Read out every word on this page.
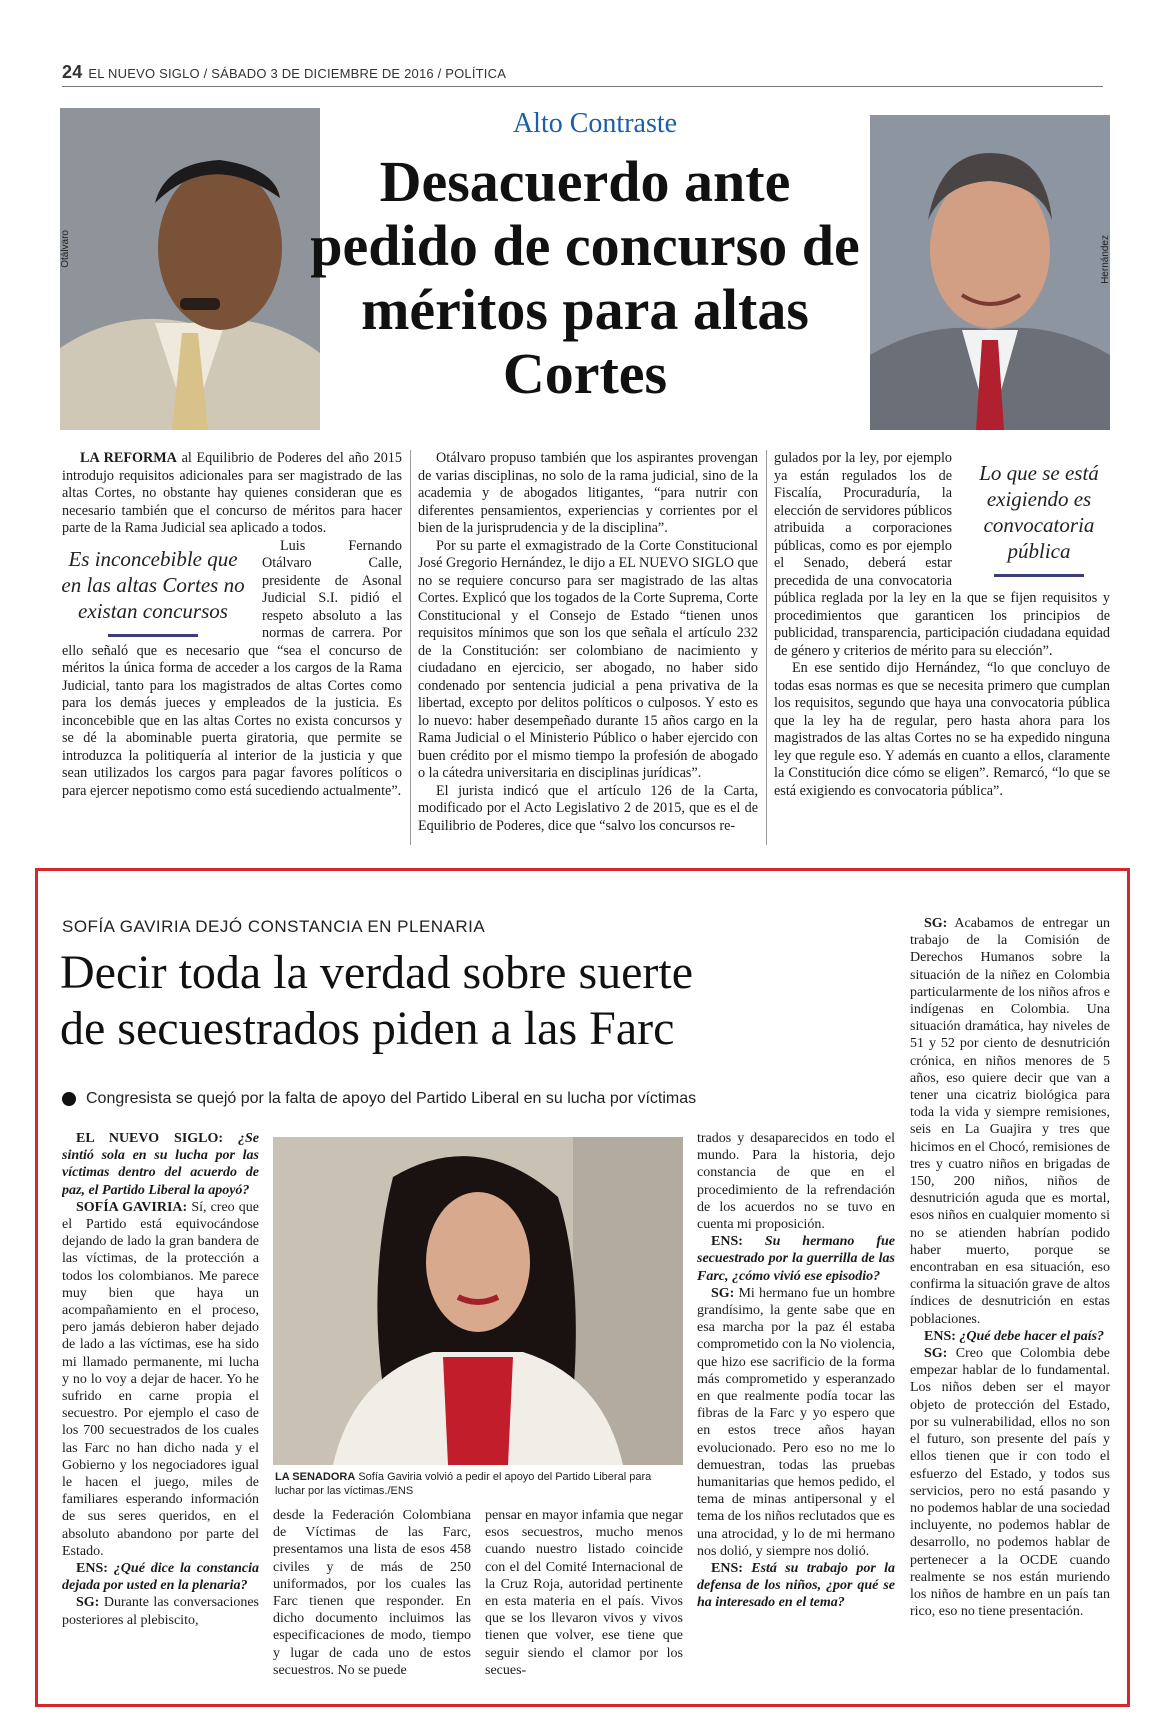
24 EL NUEVO SIGLO / SÁBADO 3 DE DICIEMBRE DE 2016 / POLÍTICA
Otálvaro	Hernández
Alto Contraste
Desacuerdo ante pedido de concurso de méritos para altas Cortes

LA REFORMA al Equilibrio de Poderes del año 2015 introdujo requisitos adicionales para ser magistrado de las altas Cortes, no obstante hay quienes consideran que es necesario también que el concurso de méritos para hacer parte de la Rama Judicial sea aplicado a todos.

Es inconcebible que en las altas Cortes no existan concursos

Luis Fernando Otálvaro Calle, presidente de Asonal Judicial S.I. pidió el respeto absoluto a las normas de carrera. Por ello señaló que es necesario que “sea el concurso de méritos la única forma de acceder a los cargos de la Rama Judicial, tanto para los magistrados de altas Cortes como para los demás jueces y empleados de la justicia. Es inconcebible que en las altas Cortes no exista concursos y se dé la abominable puerta giratoria, que permite se introduzca la politiquería al interior de la justicia y que sean utilizados los cargos para pagar favores políticos o para ejercer nepotismo como está sucediendo actualmente”.

Otálvaro propuso también que los aspirantes provengan de varias disciplinas, no solo de la rama judicial, sino de la academia y de abogados litigantes, “para nutrir con diferentes pensamientos, experiencias y corrientes por el bien de la jurisprudencia y de la disciplina”.

Por su parte el exmagistrado de la Corte Constitucional José Gregorio Hernández, le dijo a EL NUEVO SIGLO que no se requiere concurso para ser magistrado de las altas Cortes. Explicó que los togados de la Corte Suprema, Corte Constitucional y el Consejo de Estado “tienen unos requisitos mínimos que son los que señala el artículo 232 de la Constitución: ser colombiano de nacimiento y ciudadano en ejercicio, ser abogado, no haber sido condenado por sentencia judicial a pena privativa de la libertad, excepto por delitos políticos o culposos. Y esto es lo nuevo: haber desempeñado durante 15 años cargo en la Rama Judicial o el Ministerio Público o haber ejercido con buen crédito por el mismo tiempo la profesión de abogado o la cátedra universitaria en disciplinas jurídicas”.

El jurista indicó que el artículo 126 de la Carta, modificado por el Acto Legislativo 2 de 2015, que es el de Equilibrio de Poderes, dice que “salvo los concursos re-

Lo que se está exigiendo es convocatoria pública

gulados por la ley, por ejemplo ya están regulados los de Fiscalía, Procuraduría, la elección de servidores públicos atribuida a corporaciones públicas, como es por ejemplo el Senado, deberá estar precedida de una convocatoria pública reglada por la ley en la que se fijen requisitos y procedimientos que garanticen los principios de publicidad, transparencia, participación ciudadana equidad de género y criterios de mérito para su elección”.

En ese sentido dijo Hernández, “lo que concluyo de todas esas normas es que se necesita primero que cumplan los requisitos, segundo que haya una convocatoria pública que la ley ha de regular, pero hasta ahora para los magistrados de las altas Cortes no se ha expedido ninguna ley que regule eso. Y además en cuanto a ellos, claramente la Constitución dice cómo se eligen”. Remarcó, “lo que se está exigiendo es convocatoria pública”.

SOFÍA GAVIRIA DEJÓ CONSTANCIA EN PLENARIA
Decir toda la verdad sobre suerte
de secuestrados piden a las Farc
Congresista se quejó por la falta de apoyo del Partido Liberal en su lucha por víctimas

EL NUEVO SIGLO: ¿Se sintió sola en su lucha por las víctimas dentro del acuerdo de paz, el Partido Liberal la apoyó?

SOFÍA GAVIRIA: Sí, creo que el Partido está equivocándose dejando de lado la gran bandera de las víctimas, de la protección a todos los colombianos. Me parece muy bien que haya un acompañamiento en el proceso, pero jamás debieron haber dejado de lado a las víctimas, ese ha sido mi llamado permanente, mi lucha y no lo voy a dejar de hacer. Yo he sufrido en carne propia el secuestro. Por ejemplo el caso de los 700 secuestrados de los cuales las Farc no han dicho nada y el Gobierno y los negociadores igual le hacen el juego, miles de familiares esperando información de sus seres queridos, en el absoluto abandono por parte del Estado.

ENS: ¿Qué dice la constancia dejada por usted en la plenaria?

SG: Durante las conversaciones posteriores al plebiscito,

LA SENADORA Sofía Gaviria volvió a pedir el apoyo del Partido Liberal para luchar por las víctimas./ENS

desde la Federación Colombiana de Víctimas de las Farc, presentamos una lista de esos 458 civiles y de más de 250 uniformados, por los cuales las Farc tienen que responder. En dicho documento incluimos las especificaciones de modo, tiempo y lugar de cada uno de estos secuestros. No se puede

pensar en mayor infamia que negar esos secuestros, mucho menos cuando nuestro listado coincide con el del Comité Internacional de la Cruz Roja, autoridad pertinente en esta materia en el país. Vivos que se los llevaron vivos y vivos tienen que volver, ese tiene que seguir siendo el clamor por los secues-

trados y desaparecidos en todo el mundo. Para la historia, dejo constancia de que en el procedimiento de la refrendación de los acuerdos no se tuvo en cuenta mi proposición.

ENS: Su hermano fue secuestrado por la guerrilla de las Farc, ¿cómo vivió ese episodio?

SG: Mi hermano fue un hombre grandísimo, la gente sabe que en esa marcha por la paz él estaba comprometido con la No violencia, que hizo ese sacrificio de la forma más comprometido y esperanzado en que realmente podía tocar las fibras de la Farc y yo espero que en estos trece años hayan evolucionado. Pero eso no me lo demuestran, todas las pruebas humanitarias que hemos pedido, el tema de minas antipersonal y el tema de los niños reclutados que es una atrocidad, y lo de mi hermano nos dolió, y siempre nos dolió.

ENS: Está su trabajo por la defensa de los niños, ¿por qué se ha interesado en el tema?

SG: Acabamos de entregar un trabajo de la Comisión de Derechos Humanos sobre la situación de la niñez en Colombia particularmente de los niños afros e indígenas en Colombia. Una situación dramática, hay niveles de 51 y 52 por ciento de desnutrición crónica, en niños menores de 5 años, eso quiere decir que van a tener una cicatriz biológica para toda la vida y siempre remisiones, seis en La Guajira y tres que hicimos en el Chocó, remisiones de tres y cuatro niños en brigadas de 150, 200 niños, niños de desnutrición aguda que es mortal, esos niños en cualquier momento si no se atienden habrían podido haber muerto, porque se encontraban en esa situación, eso confirma la situación grave de altos índices de desnutrición en estas poblaciones.

ENS: ¿Qué debe hacer el país?

SG: Creo que Colombia debe empezar hablar de lo fundamental. Los niños deben ser el mayor objeto de protección del Estado, por su vulnerabilidad, ellos no son el futuro, son presente del país y ellos tienen que ir con todo el esfuerzo del Estado, y todos sus servicios, pero no está pasando y no podemos hablar de una sociedad incluyente, no podemos hablar de desarrollo, no podemos hablar de pertenecer a la OCDE cuando realmente se nos están muriendo los niños de hambre en un país tan rico, eso no tiene presentación.
